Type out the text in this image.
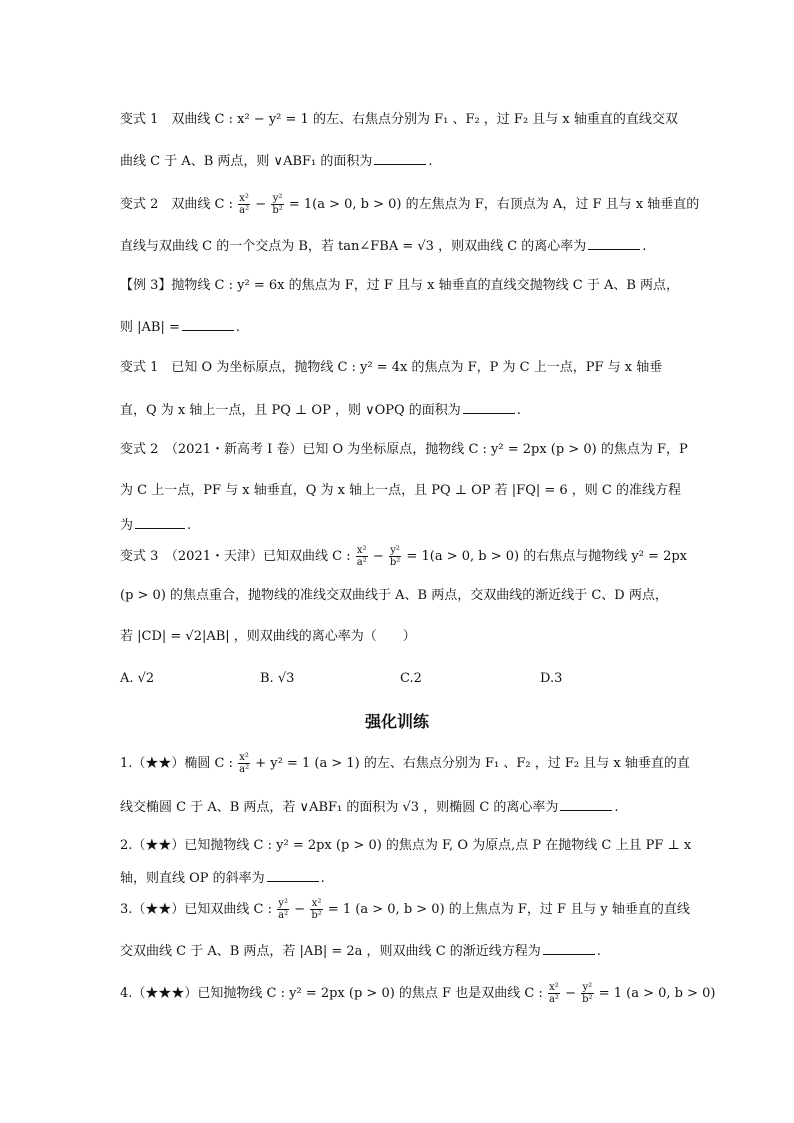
变式 1　双曲线 C : x² − y² = 1 的左、右焦点分别为 F₁ 、F₂ ，过 F₂ 且与 x 轴重直的直线交双
曲线 C 于 A、B 两点，则 ∨ABF₁ 的面积为	.
变式 2　双曲线 C : $\frac{\text{x²}}{\text{a²}} - \frac{\text{y²}}{\text{b²}} = 1(a > 0$, b > 0) 的左焦点为 F，右顶点为 A，过 F 且与 x 轴垂直的
直线与双曲线 C 的一个交点为 B，若 tan∠FBA = √3 ，则双曲线 C 的离心率为	.
【例 3】抛物线 C : y² = 6x 的焦点为 F，过 F 且与 x 轴垂直的直线交抛物线 C 于 A、B 两点，
则 |AB| =	.
变式 1　已知 O 为坐标原点，抛物线 C : y² = 4x 的焦点为 F，P 为 C 上一点，PF 与 x 轴垂
直，Q 为 x 轴上一点，且 PQ ⊥ OP ，则 ∨OPQ 的面积为	.
变式 2　（2021・新高考 I 卷）已知 O 为坐标原点，抛物线 C : y² = 2px (p > 0) 的焦点为 F，P
为 C 上一点，PF 与 x 轴垂直，Q 为 x 轴上一点，且 PQ ⊥ OP 若 |FQ| = 6 ，则 C 的准线方程
为	.
变式 3　（2021・天津）已知双曲线 C : $\frac{\text{x²}}{\text{a²}} - \frac{\text{y²}}{\text{b²}} = 1(a > 0$, b > 0) 的右焦点与抛物线 y² = 2px
(p > 0) 的焦点重合，抛物线的准线交双曲线于 A、B 两点，交双曲线的渐近线于 C、D 两点，
若 |CD| = √2|AB| ，则双曲线的离心率为（　　）
A. √2	B. √3	C.2	D.3
强化训练
1.（★★）椭圆 C : $\frac{\text{x²}}{\text{a²}} + y^2 = 1$ (a > 1) 的左、右焦点分别为 F₁ 、F₂ ，过 F₂ 且与 x 轴垂直的直
线交椭圆 C 于 A、B 两点，若 ∨ABF₁ 的面积为 √3 ，则椭圆 C 的离心率为	.
2.（★★）已知抛物线 C : y² = 2px (p > 0) 的焦点为 F, O 为原点,点 P 在抛物线 C 上且 PF ⊥ x
轴，则直线 OP 的斜率为	.
3.（★★）已知双曲线 C : $\frac{\text{y²}}{\text{a²}} - \frac{\text{x²}}{\text{b²}} = 1$ (a > 0, b > 0) 的上焦点为 F，过 F 且与 y 轴垂直的直线
交双曲线 C 于 A、B 两点，若 |AB| = 2a ，则双曲线 C 的渐近线方程为	.
4.（★★★）已知抛物线 C : y² = 2px (p > 0) 的焦点 F 也是双曲线 C : $\frac{\text{x²}}{\text{a²}} - \frac{\text{y²}}{\text{b²}} = 1$ (a > 0, b > 0)
